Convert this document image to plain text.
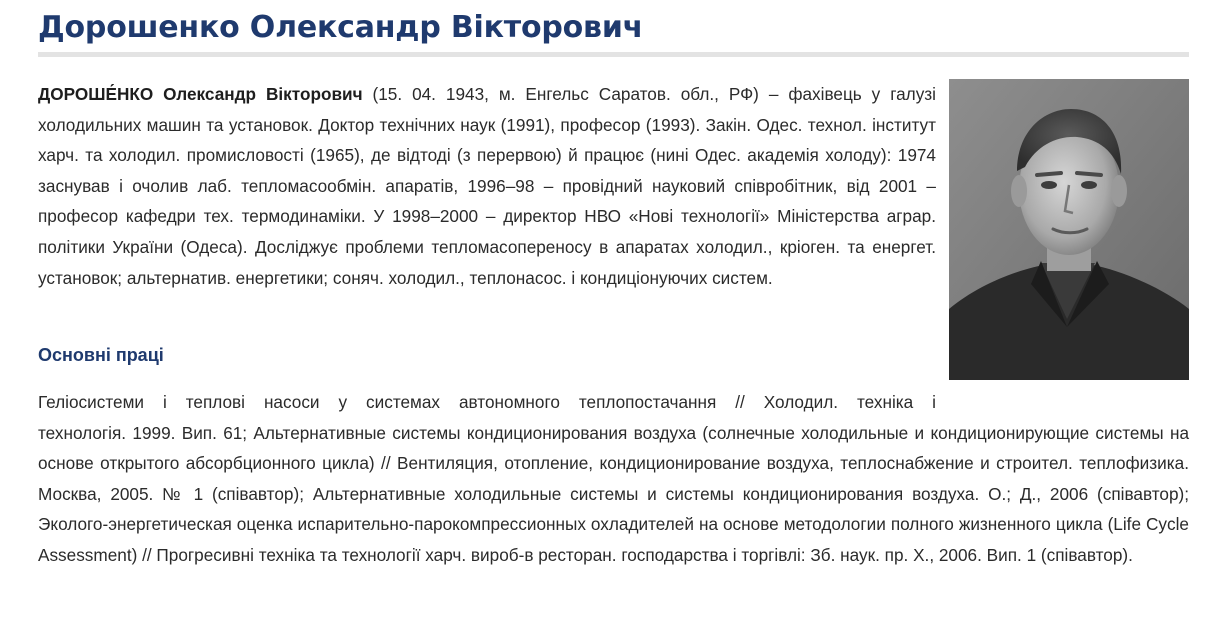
Дорошенко Олександр Вікторович

ДОРОШЕ́НКО Олександр Вікторович (15. 04. 1943, м. Енгельс Саратов. обл., РФ) – фахівець у галузі холодильних машин та установок. Доктор технічних наук (1991), професор (1993). Закін. Одес. технол. інститут харч. та холодил. промисловості (1965), де відтоді (з перервою) й працює (нині Одес. академія холоду): 1974 заснував і очолив лаб. тепломасообмін. апаратів, 1996–98 – провідний науковий співробітник, від 2001 – професор кафедри тех. термодинаміки. У 1998–2000 – директор НВО «Нові технології» Міністерства аграр. політики України (Одеса). Досліджує проблеми тепломасопереносу в апаратах холодил., кріоген. та енергет. установок; альтернатив. енергетики; соняч. холодил., теплонасос. і кондиціонуючих систем.

Основні праці

Геліосистеми і теплові насоси у системах автономного теплопостачання // Холодил. техніка і
технологія. 1999. Вип. 61; Альтернативные системы кондиционирования воздуха (солнечные холодильные и кондиционирующие системы на основе открытого абсорбционного цикла) // Вентиляция, отопление, кондиционирование воздуха, теплоснабжение и строител. теплофизика. Москва, 2005. № 1 (співавтор); Альтернативные холодильные системы и системы кондиционирования воздуха. О.; Д., 2006 (співавтор); Эколого-энергетическая оценка испарительно-парокомпрессионных охладителей на основе методологии полного жизненного цикла (Life Cycle Assessment) // Прогресивні техніка та технології харч. вироб-в ресторан. господарства і торгівлі: Зб. наук. пр. Х., 2006. Вип. 1 (співавтор).
